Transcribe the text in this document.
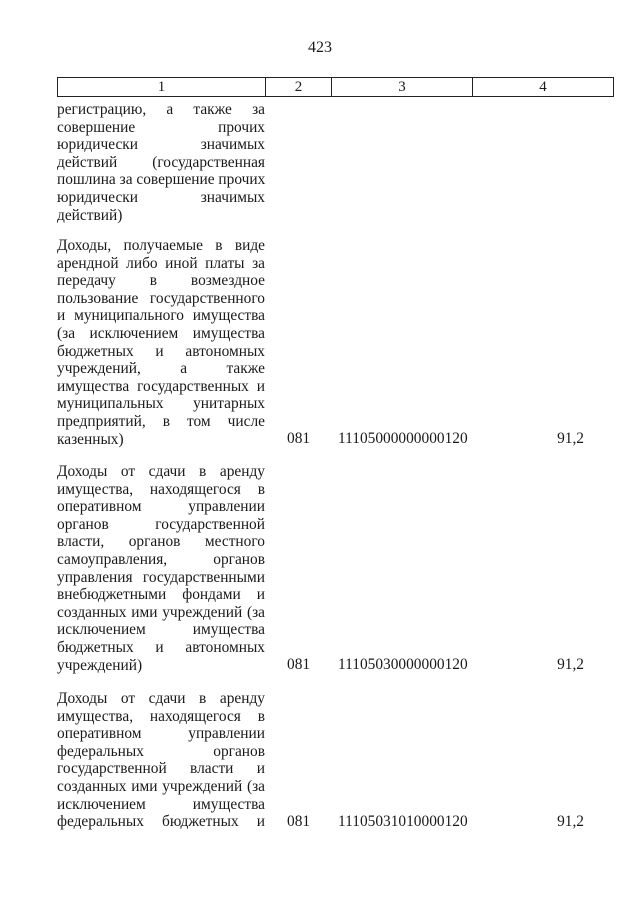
423
1	2	3	4
регистрацию, а также за
совершение прочих
юридически значимых
действий (государственная
пошлина за совершение прочих
юридически значимых
действий)
Доходы, получаемые в виде
арендной либо иной платы за
передачу в возмездное
пользование государственного
и муниципального имущества
(за исключением имущества
бюджетных и автономных
учреждений, а также
имущества государственных и
муниципальных унитарных
предприятий, в том числе
казенных)	081 11105000000000120	91,2
Доходы от сдачи в аренду
имущества, находящегося в
оперативном управлении
органов государственной
власти, органов местного
самоуправления, органов
управления государственными
внебюджетными фондами и
созданных ими учреждений (за
исключением имущества
бюджетных и автономных
учреждений)	081 11105030000000120	91,2
Доходы от сдачи в аренду
имущества, находящегося в
оперативном управлении
федеральных органов
государственной власти и
созданных ими учреждений (за
исключением имущества
федеральных бюджетных и 081 11105031010000120	91,2
